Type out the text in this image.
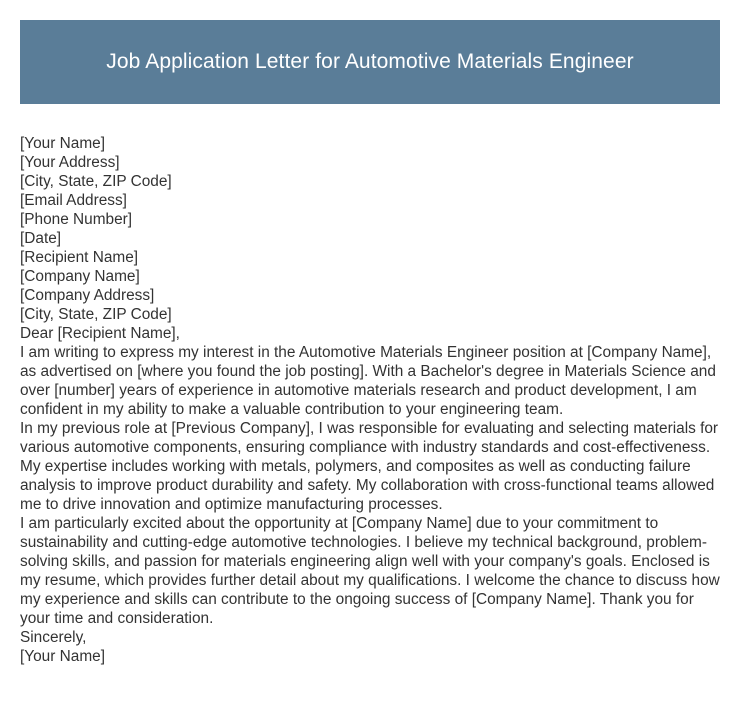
Job Application Letter for Automotive Materials Engineer
[Your Name]
[Your Address]
[City, State, ZIP Code]
[Email Address]
[Phone Number]
[Date]
[Recipient Name]
[Company Name]
[Company Address]
[City, State, ZIP Code]
Dear [Recipient Name],

I am writing to express my interest in the Automotive Materials Engineer position at [Company Name], as advertised on [where you found the job posting]. With a Bachelor's degree in Materials Science and over [number] years of experience in automotive materials research and product development, I am confident in my ability to make a valuable contribution to your engineering team.

In my previous role at [Previous Company], I was responsible for evaluating and selecting materials for various automotive components, ensuring compliance with industry standards and cost-effectiveness. My expertise includes working with metals, polymers, and composites as well as conducting failure analysis to improve product durability and safety. My collaboration with cross-functional teams allowed me to drive innovation and optimize manufacturing processes.

I am particularly excited about the opportunity at [Company Name] due to your commitment to sustainability and cutting-edge automotive technologies. I believe my technical background, problem-solving skills, and passion for materials engineering align well with your company's goals. Enclosed is my resume, which provides further detail about my qualifications. I welcome the chance to discuss how my experience and skills can contribute to the ongoing success of [Company Name]. Thank you for your time and consideration.

Sincerely,
[Your Name]
